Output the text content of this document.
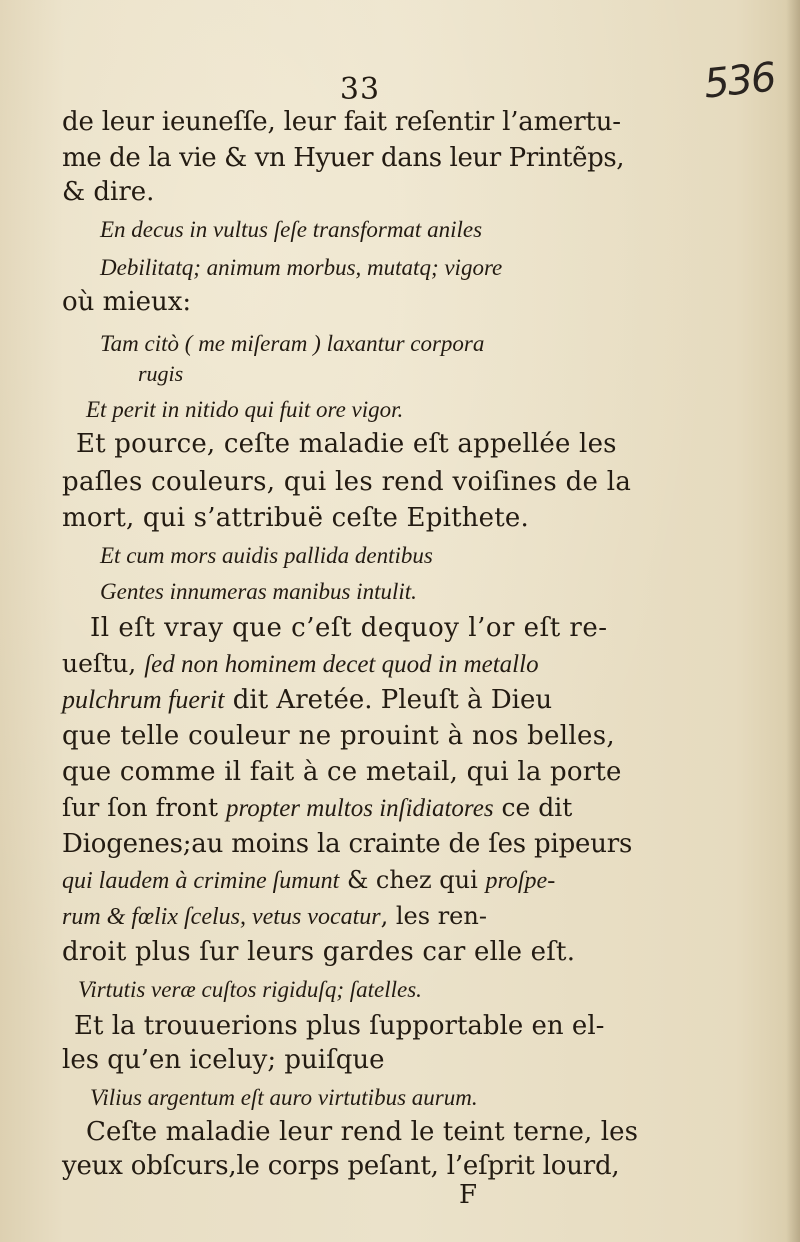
33	536
de leur ieuneſſe, leur fait reſentir l’amertu-
me de la vie & vn Hyuer dans leur Printẽps,
& dire.
En decus in vultus ſeſe transformat aniles
Debilitatq; animum morbus, mutatq; vigore
où mieux:
Tam citò ( me miſeram ) laxantur corpora
rugis
Et perit in nitido qui fuit ore vigor.
Et pource, ceſte maladie eſt appellée les
paſles couleurs, qui les rend voiſines de la
mort, qui s’attribuë ceſte Epithete.
Et cum mors auidis pallida dentibus
Gentes innumeras manibus intulit.
Il eſt vray que c’eſt dequoy l’or eſt re-
ueſtu, ſed non hominem decet quod in metallo
pulchrum fuerit dit Aretée. Pleuſt à Dieu
que telle couleur ne prouint à nos belles,
que comme il fait à ce metail, qui la porte
ſur ſon front propter multos inſidiatores ce dit
Diogenes;au moins la crainte de ſes pipeurs
qui laudem à crimine ſumunt & chez qui proſpe-
rum & fœlix ſcelus, vetus vocatur, les ren-
droit plus ſur leurs gardes car elle eſt.
Virtutis veræ cuſtos rigiduſq; ſatelles.
Et la trouuerions plus ſupportable en el-
les qu’en iceluy; puiſque
Vilius argentum eſt auro virtutibus aurum.
Ceſte maladie leur rend le teint terne, les
yeux obſcurs,le corps peſant, l’eſprit lourd,
F
